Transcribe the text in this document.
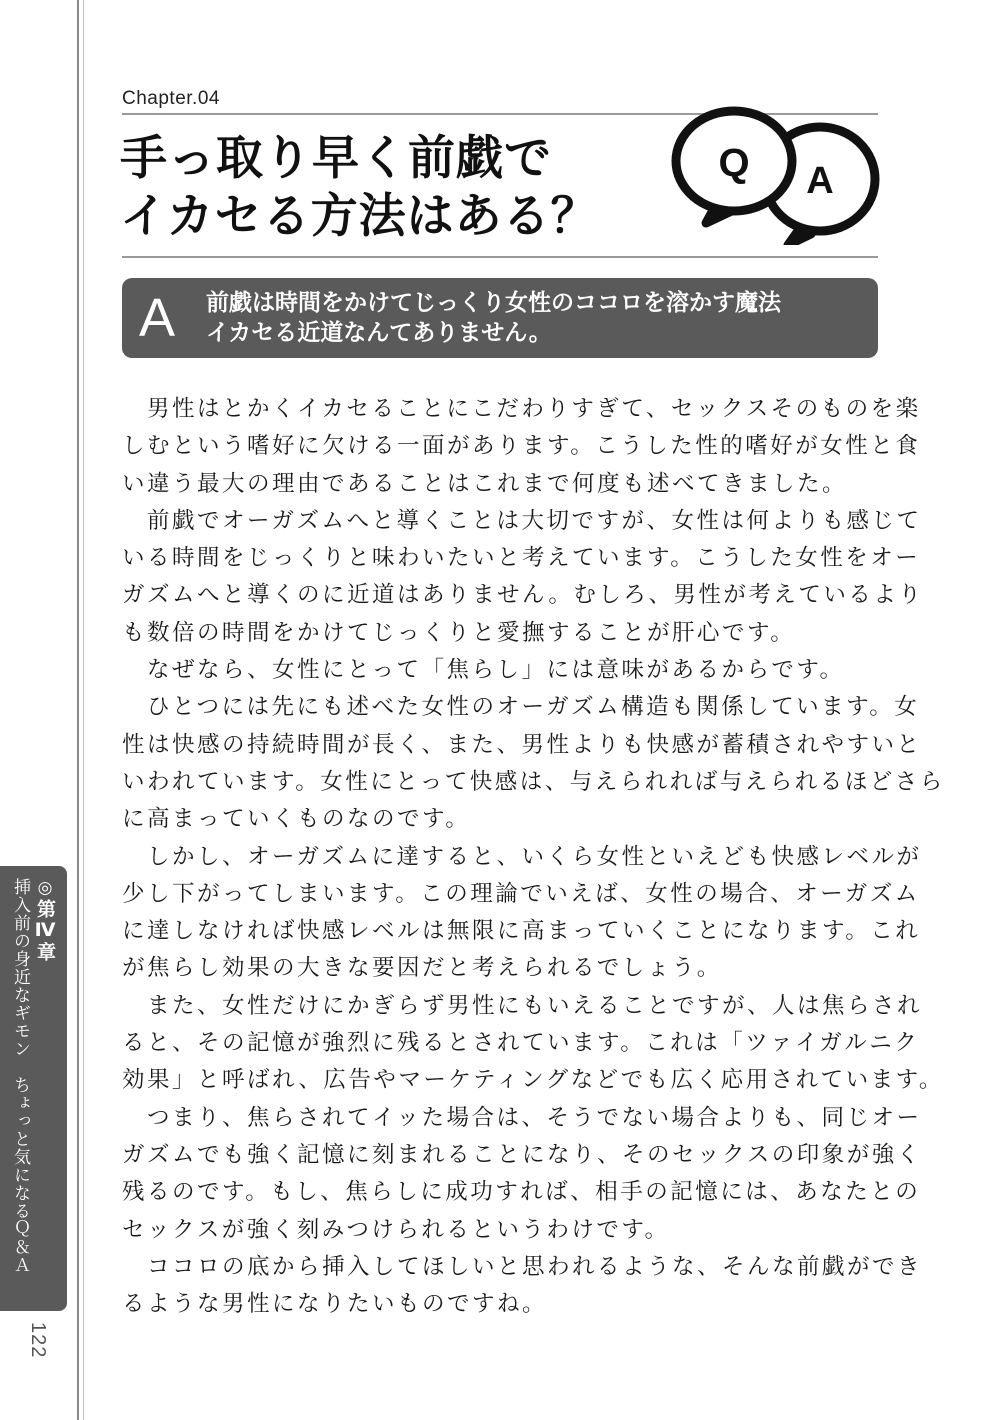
Chapter.04
手っ取り早く前戯で
イカセる方法はある？
A
Q
A 前戯は時間をかけてじっくり女性のココロを溶かす魔法
イカセる近道なんてありません。
　男性はとかくイカセることにこだわりすぎて、セックスそのものを楽
しむという嗜好に欠ける一面があります。こうした性的嗜好が女性と食
い違う最大の理由であることはこれまで何度も述べてきました。
　前戯でオーガズムへと導くことは大切ですが、女性は何よりも感じて
いる時間をじっくりと味わいたいと考えています。こうした女性をオー
ガズムへと導くのに近道はありません。むしろ、男性が考えているより
も数倍の時間をかけてじっくりと愛撫することが肝心です。
　なぜなら、女性にとって「焦らし」には意味があるからです。
　ひとつには先にも述べた女性のオーガズム構造も関係しています。女
性は快感の持続時間が長く、また、男性よりも快感が蓄積されやすいと
いわれています。女性にとって快感は、与えられれば与えられるほどさら
に高まっていくものなのです。
　しかし、オーガズムに達すると、いくら女性といえども快感レベルが
少し下がってしまいます。この理論でいえば、女性の場合、オーガズム
に達しなければ快感レベルは無限に高まっていくことになります。これ
が焦らし効果の大きな要因だと考えられるでしょう。
　また、女性だけにかぎらず男性にもいえることですが、人は焦らされ
ると、その記憶が強烈に残るとされています。これは「ツァイガルニク
効果」と呼ばれ、広告やマーケティングなどでも広く応用されています。
　つまり、焦らされてイッた場合は、そうでない場合よりも、同じオー
ガズムでも強く記憶に刻まれることになり、そのセックスの印象が強く
残るのです。もし、焦らしに成功すれば、相手の記憶には、あなたとの
セックスが強く刻みつけられるというわけです。
　ココロの底から挿入してほしいと思われるような、そんな前戯ができ
るような男性になりたいものですね。
◎第Ⅳ章
挿入前の身近なギモン　ちょっと気になるＱ＆Ａ
122
